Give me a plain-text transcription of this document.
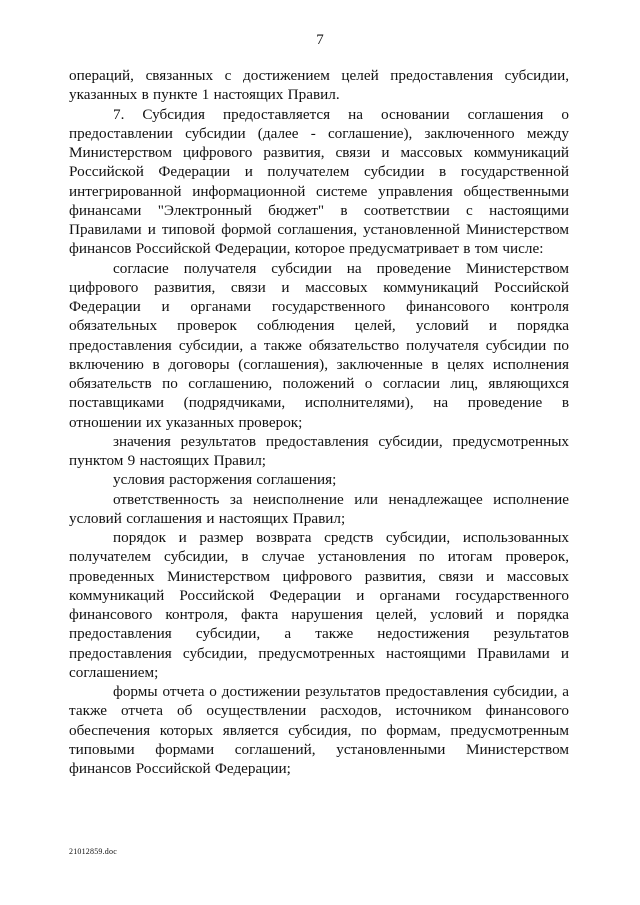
7

операций, связанных с достижением целей предоставления субсидии, указанных в пункте 1 настоящих Правил.

7. Субсидия предоставляется на основании соглашения о предоставлении субсидии (далее - соглашение), заключенного между Министерством цифрового развития, связи и массовых коммуникаций Российской Федерации и получателем субсидии в государственной интегрированной информационной системе управления общественными финансами "Электронный бюджет" в соответствии с настоящими Правилами и типовой формой соглашения, установленной Министерством финансов Российской Федерации, которое предусматривает в том числе:

согласие получателя субсидии на проведение Министерством цифрового развития, связи и массовых коммуникаций Российской Федерации и органами государственного финансового контроля обязательных проверок соблюдения целей, условий и порядка предоставления субсидии, а также обязательство получателя субсидии по включению в договоры (соглашения), заключенные в целях исполнения обязательств по соглашению, положений о согласии лиц, являющихся поставщиками (подрядчиками, исполнителями), на проведение в отношении их указанных проверок;

значения результатов предоставления субсидии, предусмотренных пунктом 9 настоящих Правил;

условия расторжения соглашения;

ответственность за неисполнение или ненадлежащее исполнение условий соглашения и настоящих Правил;

порядок и размер возврата средств субсидии, использованных получателем субсидии, в случае установления по итогам проверок, проведенных Министерством цифрового развития, связи и массовых коммуникаций Российской Федерации и органами государственного финансового контроля, факта нарушения целей, условий и порядка предоставления субсидии, а также недостижения результатов предоставления субсидии, предусмотренных настоящими Правилами и соглашением;

формы отчета о достижении результатов предоставления субсидии, а также отчета об осуществлении расходов, источником финансового обеспечения которых является субсидия, по формам, предусмотренным типовыми формами соглашений, установленными Министерством финансов Российской Федерации;

21012859.doc
